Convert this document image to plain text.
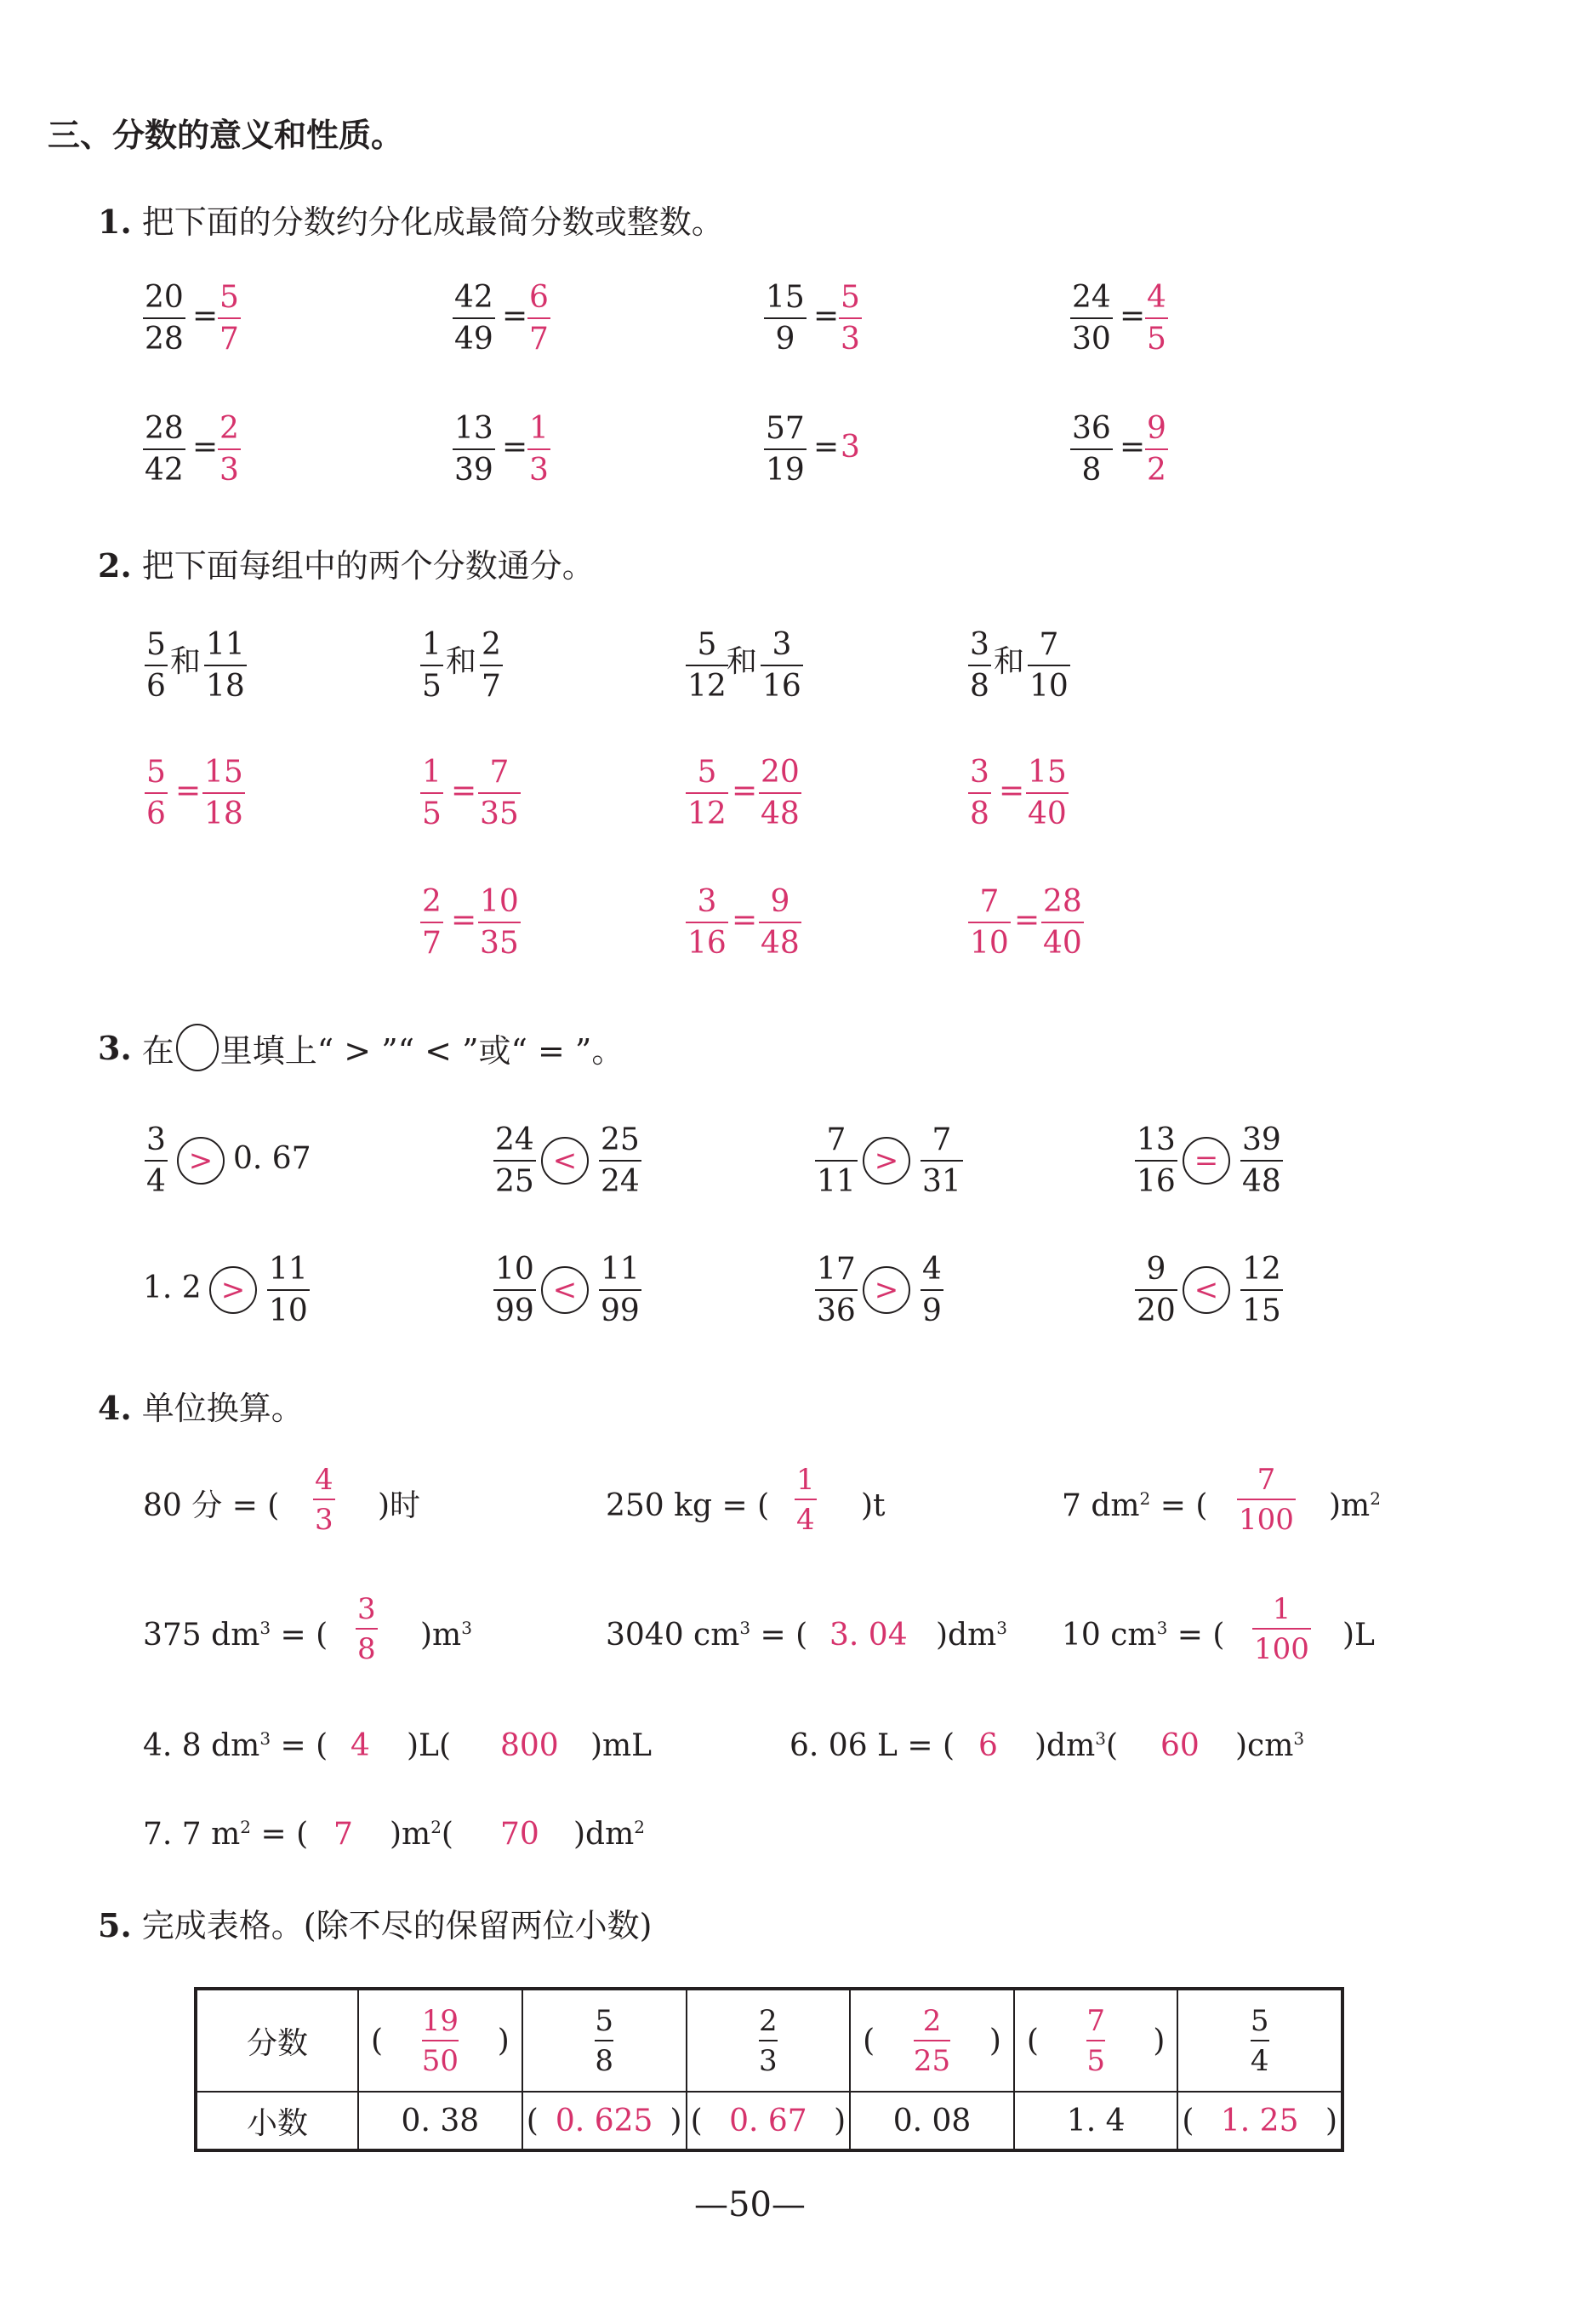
三、分数的意义和性质。
1. 把下面的分数约分化成最简分数或整数。
20
28
=
5
7
42
49
=
6
7
15
9
=
5
3
24
30
=
4
5
28
42
=
2
3
13
39
=
1
3
57
19
= 3
36
8
=
9
2
2. 把下面每组中的两个分数通分。
5
6
和 11
18
5
6
=
15
18
1
5
和 2
7
1
5
=
7
35
2
7
=
10
35
5
12
和 3
16
5
12
=
20
48
3
16
=
9
48
3
8
和 7
10
3
8
=
15
40
7
10
=
28
40
3 .
在 里填上“ > ”“ < ”或“ = ”。
3
4
> 0. 67
24
25
<
25
24
7
11
>
7
31
13
16
=
39
48
1. 2 >
11
10
10
99
<
11
99
17
36
>
4
9
9
20
<
12
15
4. 单位换算。
80 分 = (
4
3 )时	250 kg = (
1
4 )t	7 $dm^2$ = (
7
100 )$m^2$
375 $dm^3$ = (
3
8 )$m^3$	3040 $cm^3$ = ( 3. 04 )$dm^3$ 10 $cm^3$ = (
1
100 )L
4. 8 $dm^3$ = ( 4 )L( 800 )mL	6. 06 L = ( 6 )$dm^3$( 60 )$cm^3$
7. 7 $m^2$ = ( 7 )$m^2$( 70 )$dm^2$
5. 完成表格。(除不尽的保留两位小数)
分数	(
19
50
)	$\frac{5}{8}$	$\frac{2}{3}$	(
2
25
)	(
7
5
)	$\frac{5}{4}$

小数	0. 38	( 0. 625 )	( 0. 67 )	0. 08	1. 4	( 1. 25 )
—50—
